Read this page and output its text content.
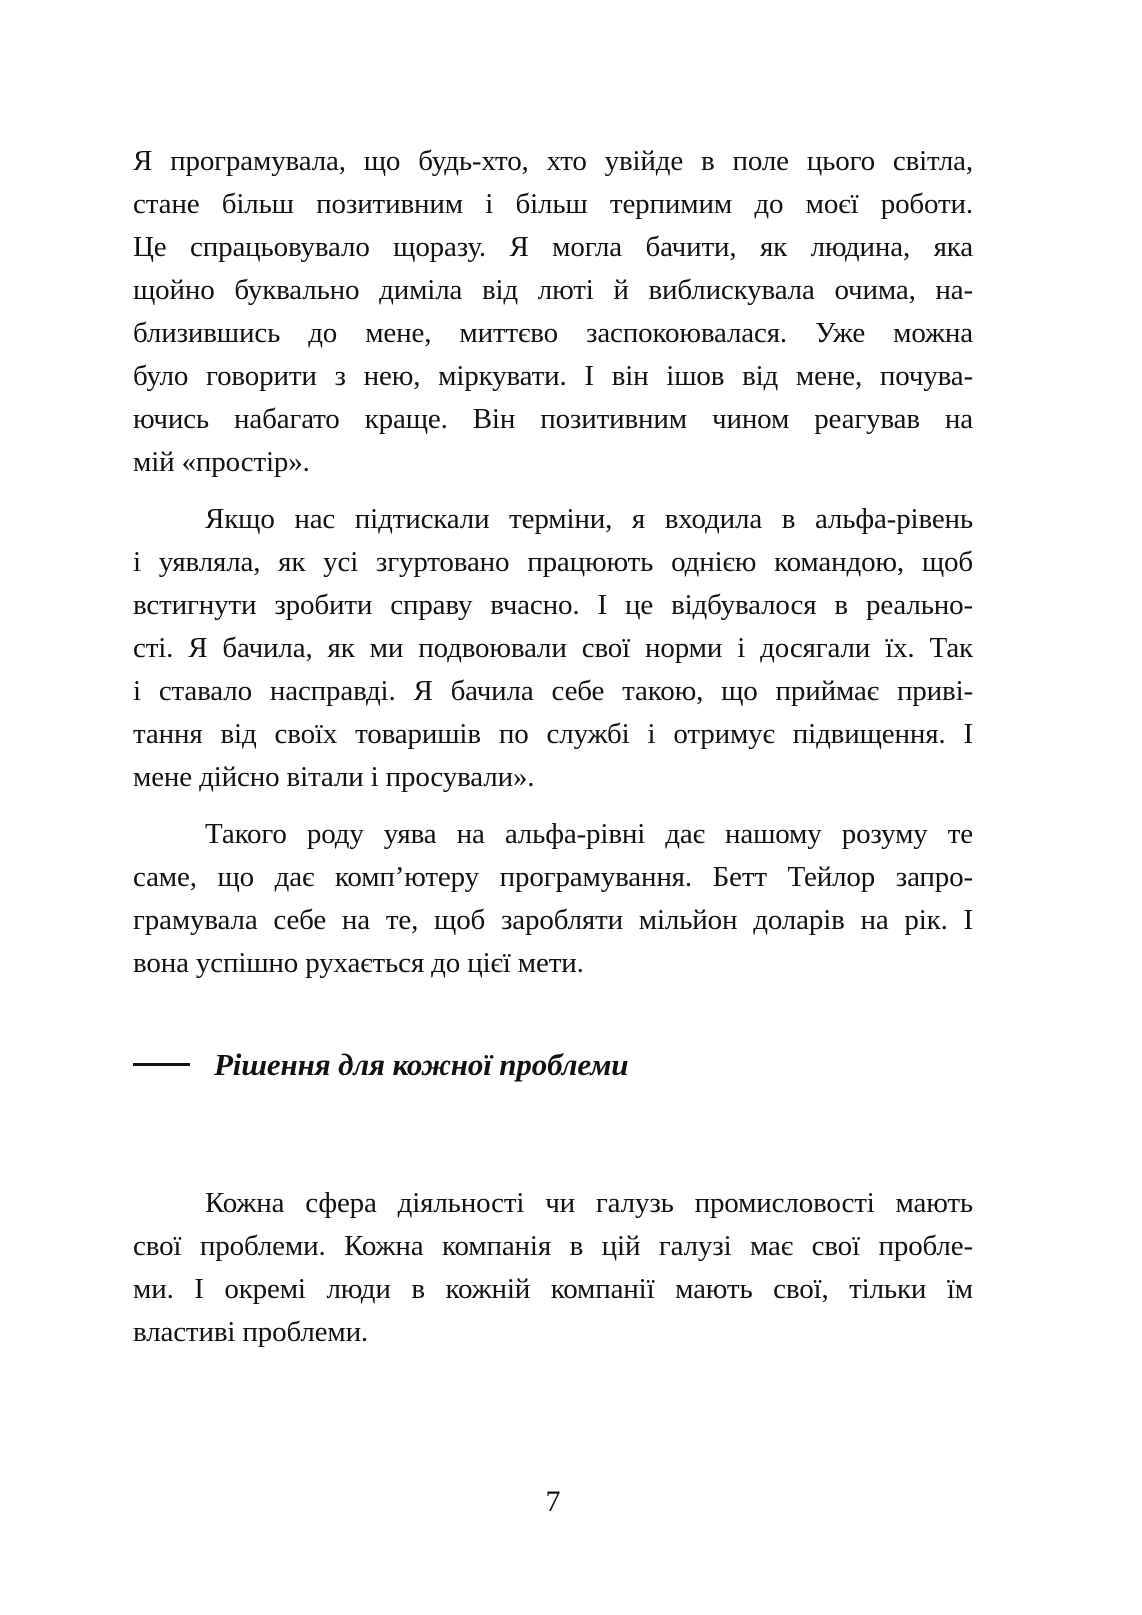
Я програмувала, що будь-хто, хто увійде в поле цього світла,
стане більш позитивним і більш терпимим до моєї роботи.
Це спрацьовувало щоразу. Я могла бачити, як людина, яка
щойно буквально диміла від люті й виблискувала очима, на-
близившись до мене, миттєво заспокоювалася. Уже можна
було говорити з нею, міркувати. І він ішов від мене, почува-
ючись набагато краще. Він позитивним чином реагував на
мій «простір».
Якщо нас підтискали терміни, я входила в альфа-рівень
і уявляла, як усі згуртовано працюють однією командою, щоб
встигнути зробити справу вчасно. І це відбувалося в реально-
сті. Я бачила, як ми подвоювали свої норми і досягали їх. Так
і ставало насправді. Я бачила себе такою, що приймає приві-
тання від своїх товаришів по службі і отримує підвищення. І
мене дійсно вітали і просували».
Такого роду уява на альфа-рівні дає нашому розуму те
саме, що дає комп’ютеру програмування. Бетт Тейлор запро-
грамувала себе на те, щоб заробляти мільйон доларів на рік. І
вона успішно рухається до цієї мети.
Рішення для кожної проблеми
Кожна сфера діяльності чи галузь промисловості мають
свої проблеми. Кожна компанія в цій галузі має свої пробле-
ми. І окремі люди в кожній компанії мають свої, тільки їм
властиві проблеми.
7
